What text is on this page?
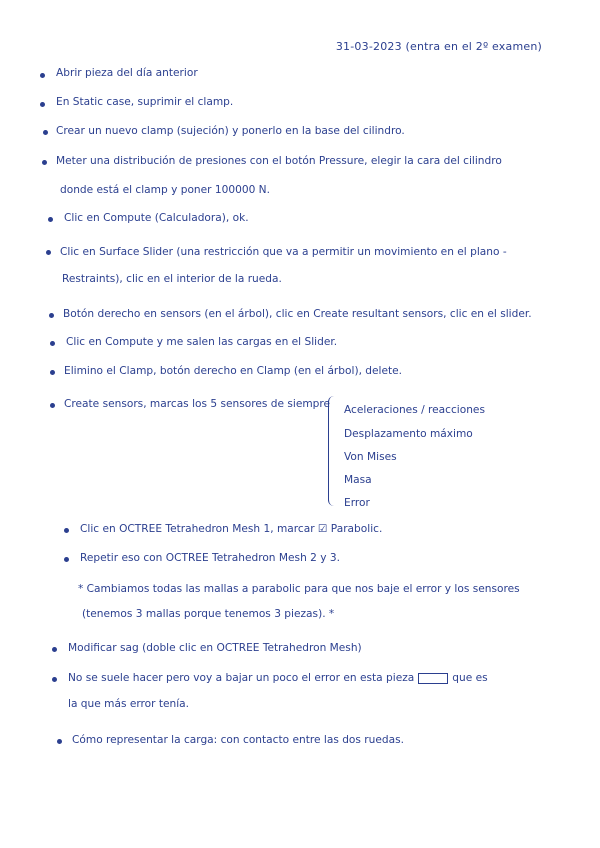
31-03-2023 (entra en el 2º examen)
Abrir pieza del día anterior
En Static case, suprimir el clamp.
Crear un nuevo clamp (sujeción) y ponerlo en la base del cilindro.
Meter una distribución de presiones con el botón Pressure, elegir la cara del cilindro
donde está el clamp y poner 100000 N.
Clic en Compute (Calculadora), ok.
Clic en Surface Slider (una restricción que va a permitir un movimiento en el plano -
Restraints), clic en el interior de la rueda.
Botón derecho en sensors (en el árbol), clic en Create resultant sensors, clic en el slider.
Clic en Compute y me salen las cargas en el Slider.
Elimino el Clamp, botón derecho en Clamp (en el árbol), delete.
Create sensors, marcas los 5 sensores de siempre Aceleraciones / reacciones
Desplazamento máximo
Von Mises
Masa
Error
Clic en OCTREE Tetrahedron Mesh 1, marcar ☑ Parabolic.
Repetir eso con OCTREE Tetrahedron Mesh 2 y 3.
* Cambiamos todas las mallas a parabolic para que nos baje el error y los sensores
(tenemos 3 mallas porque tenemos 3 piezas). *
Modificar sag (doble clic en OCTREE Tetrahedron Mesh)
No se suele hacer pero voy a bajar un poco el error en esta pieza	que es
la que más error tenía.
Cómo representar la carga: con contacto entre las dos ruedas.
